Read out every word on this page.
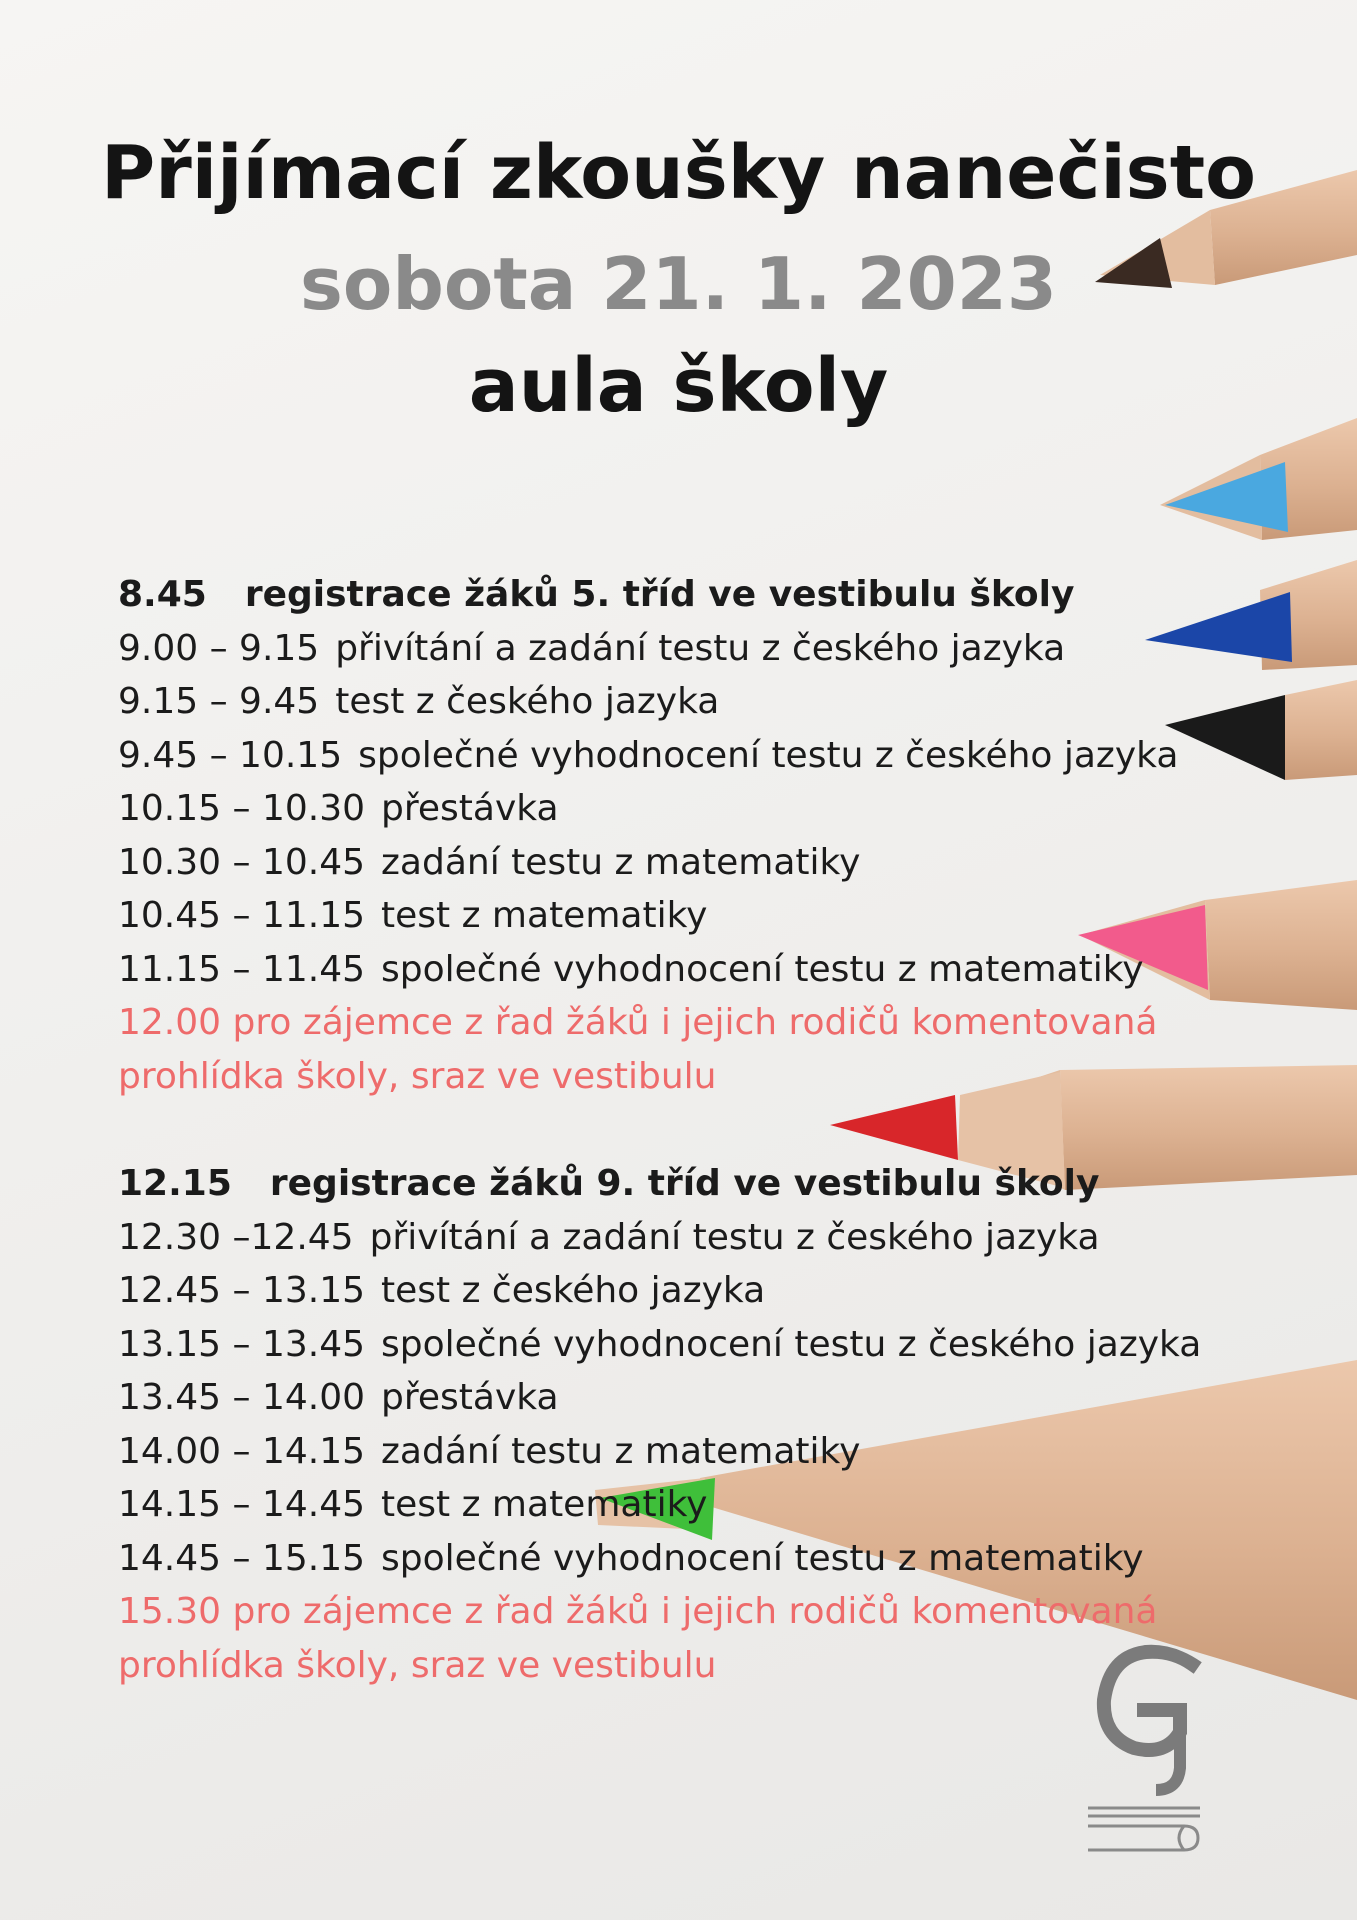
Přijímací zkoušky nanečisto
sobota 21. 1. 2023
aula školy
8.45 registrace žáků 5. tříd ve vestibulu školy
9.00 – 9.15 přivítání a zadání testu z českého jazyka
9.15 – 9.45 test z českého jazyka
9.45 – 10.15 společné vyhodnocení testu z českého jazyka
10.15 – 10.30 přestávka
10.30 – 10.45 zadání testu z matematiky
10.45 – 11.15 test z matematiky
11.15 – 11.45 společné vyhodnocení testu z matematiky
12.00 pro zájemce z řad žáků i jejich rodičů komentovaná prohlídka školy, sraz ve vestibulu
12.15 registrace žáků 9. tříd ve vestibulu školy
12.30 –12.45 přivítání a zadání testu z českého jazyka
12.45 – 13.15 test z českého jazyka
13.15 – 13.45 společné vyhodnocení testu z českého jazyka
13.45 – 14.00 přestávka
14.00 – 14.15 zadání testu z matematiky
14.15 – 14.45 test z matematiky
14.45 – 15.15 společné vyhodnocení testu z matematiky
15.30 pro zájemce z řad žáků i jejich rodičů komentovaná prohlídka školy, sraz ve vestibulu
